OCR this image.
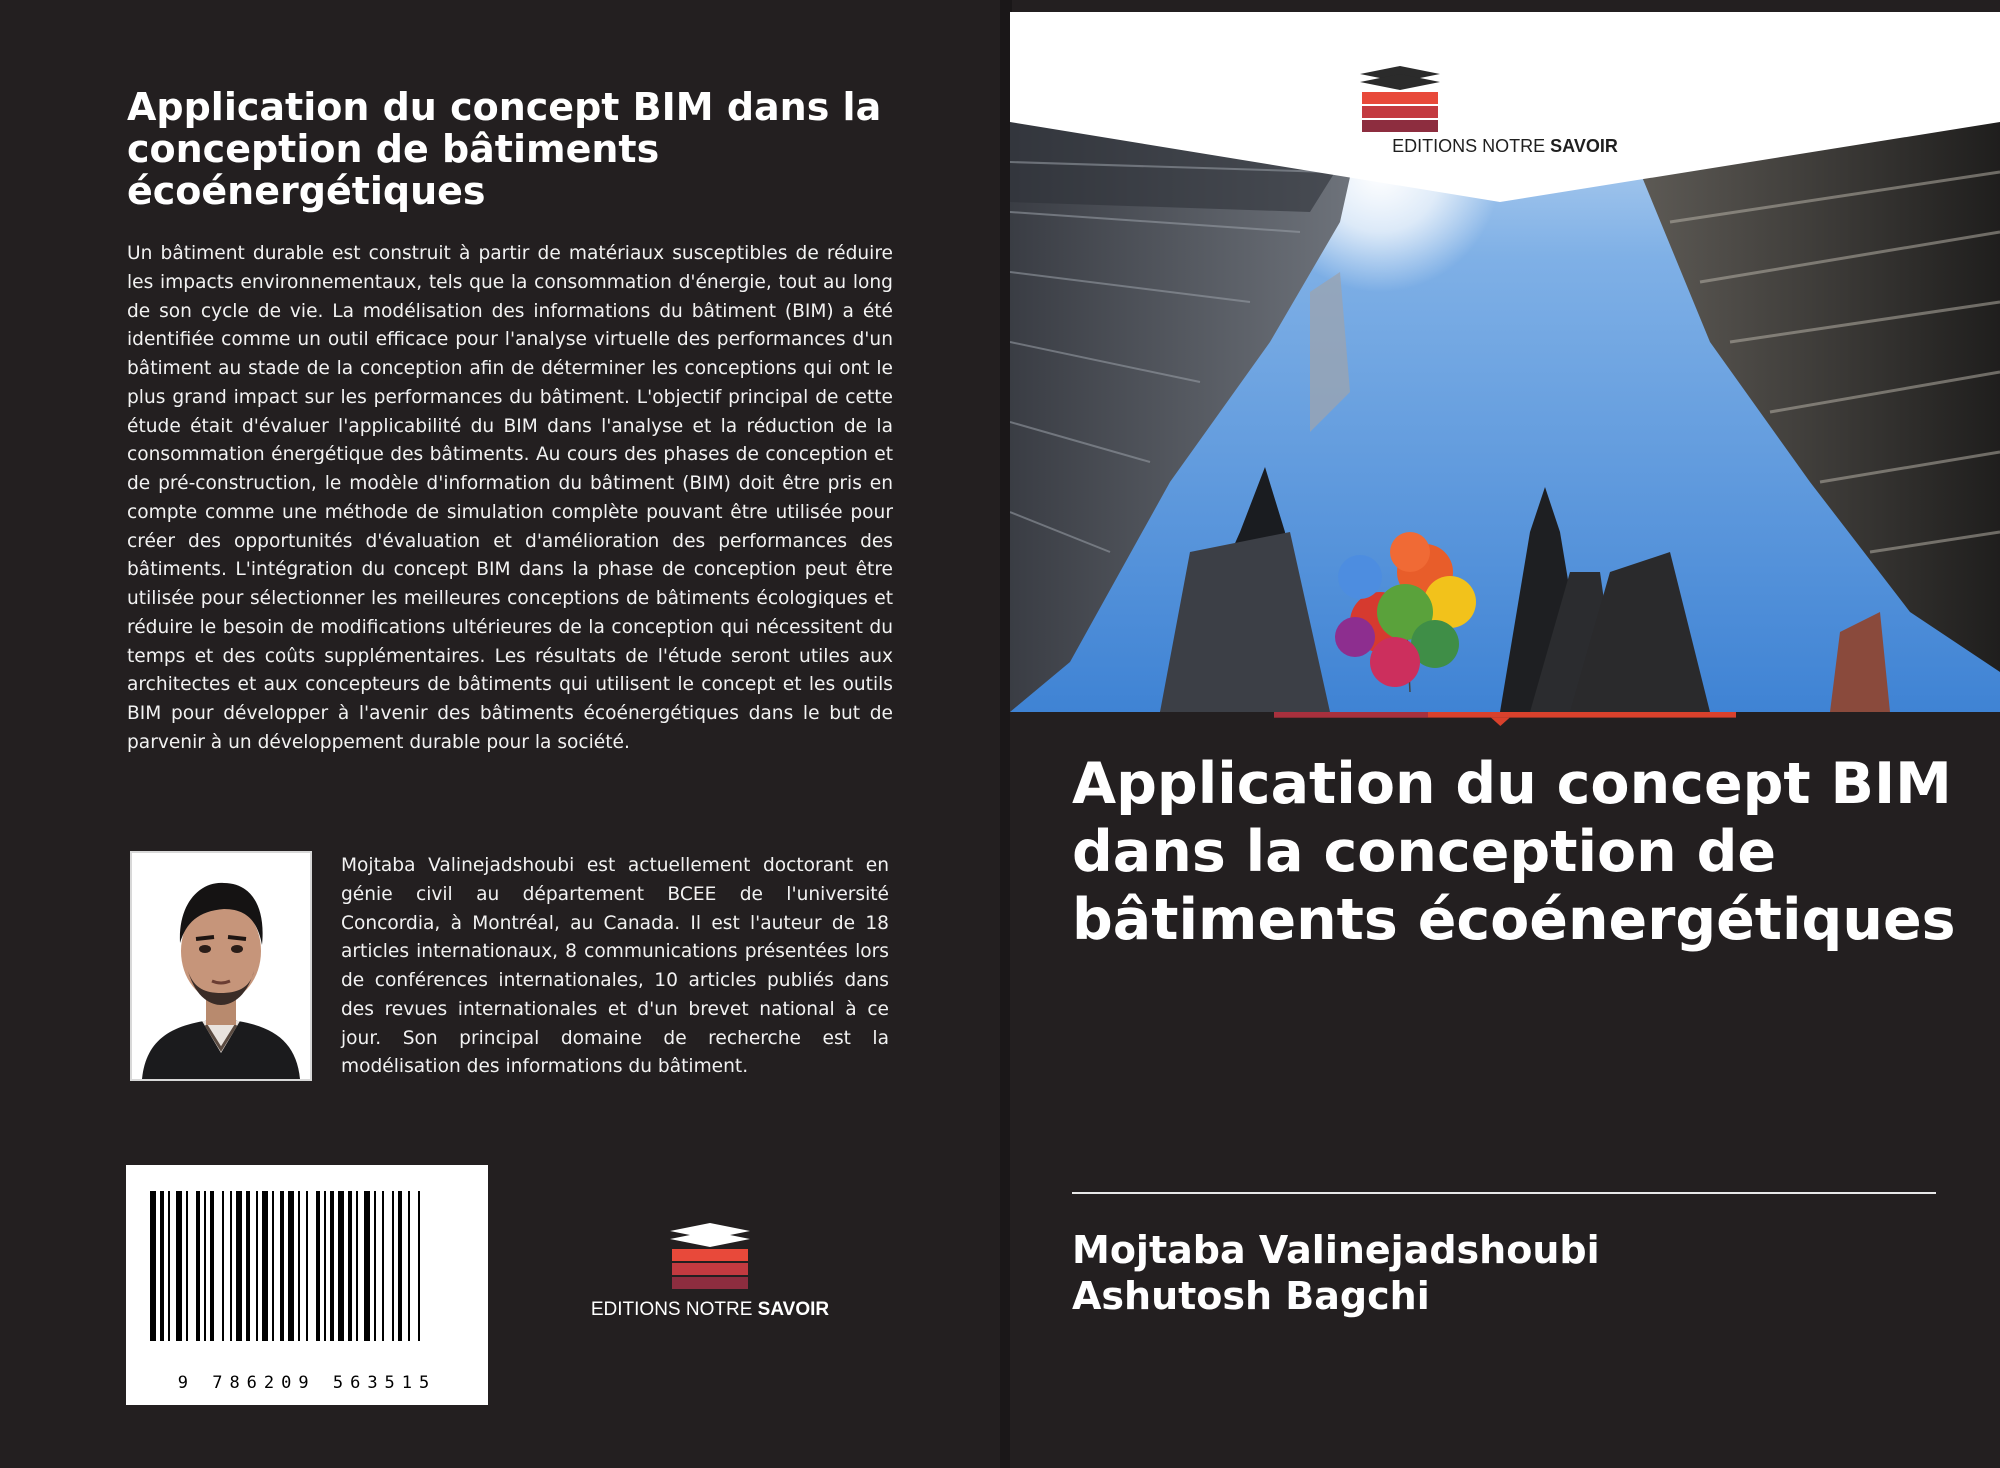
Application du concept BIM dans la conception de bâtiments écoénergétiques

Un bâtiment durable est construit à partir de matériaux susceptibles de réduire les impacts environnementaux, tels que la consommation d'énergie, tout au long de son cycle de vie. La modélisation des informations du bâtiment (BIM) a été identifiée comme un outil efficace pour l'analyse virtuelle des performances d'un bâtiment au stade de la conception afin de déterminer les conceptions qui ont le plus grand impact sur les performances du bâtiment. L'objectif principal de cette étude était d'évaluer l'applicabilité du BIM dans l'analyse et la réduction de la consommation énergétique des bâtiments. Au cours des phases de conception et de pré-construction, le modèle d'information du bâtiment (BIM) doit être pris en compte comme une méthode de simulation complète pouvant être utilisée pour créer des opportunités d'évaluation et d'amélioration des performances des bâtiments. L'intégration du concept BIM dans la phase de conception peut être utilisée pour sélectionner les meilleures conceptions de bâtiments écologiques et réduire le besoin de modifications ultérieures de la conception qui nécessitent du temps et des coûts supplémentaires. Les résultats de l'étude seront utiles aux architectes et aux concepteurs de bâtiments qui utilisent le concept et les outils BIM pour développer à l'avenir des bâtiments écoénergétiques dans le but de parvenir à un développement durable pour la société.

Mojtaba Valinejadshoubi est actuellement doctorant en génie civil au département BCEE de l'université Concordia, à Montréal, au Canada. Il est l'auteur de 18 articles internationaux, 8 communications présentées lors de conférences internationales, 10 articles publiés dans des revues internationales et d'un brevet national à ce jour. Son principal domaine de recherche est la modélisation des informations du bâtiment.

9 786209 563515
EDITIONS NOTRE SAVOIR
EDITIONS NOTRE SAVOIR
Application du concept BIM dans la conception de bâtiments écoénergétiques
Mojtaba Valinejadshoubi
Ashutosh Bagchi
